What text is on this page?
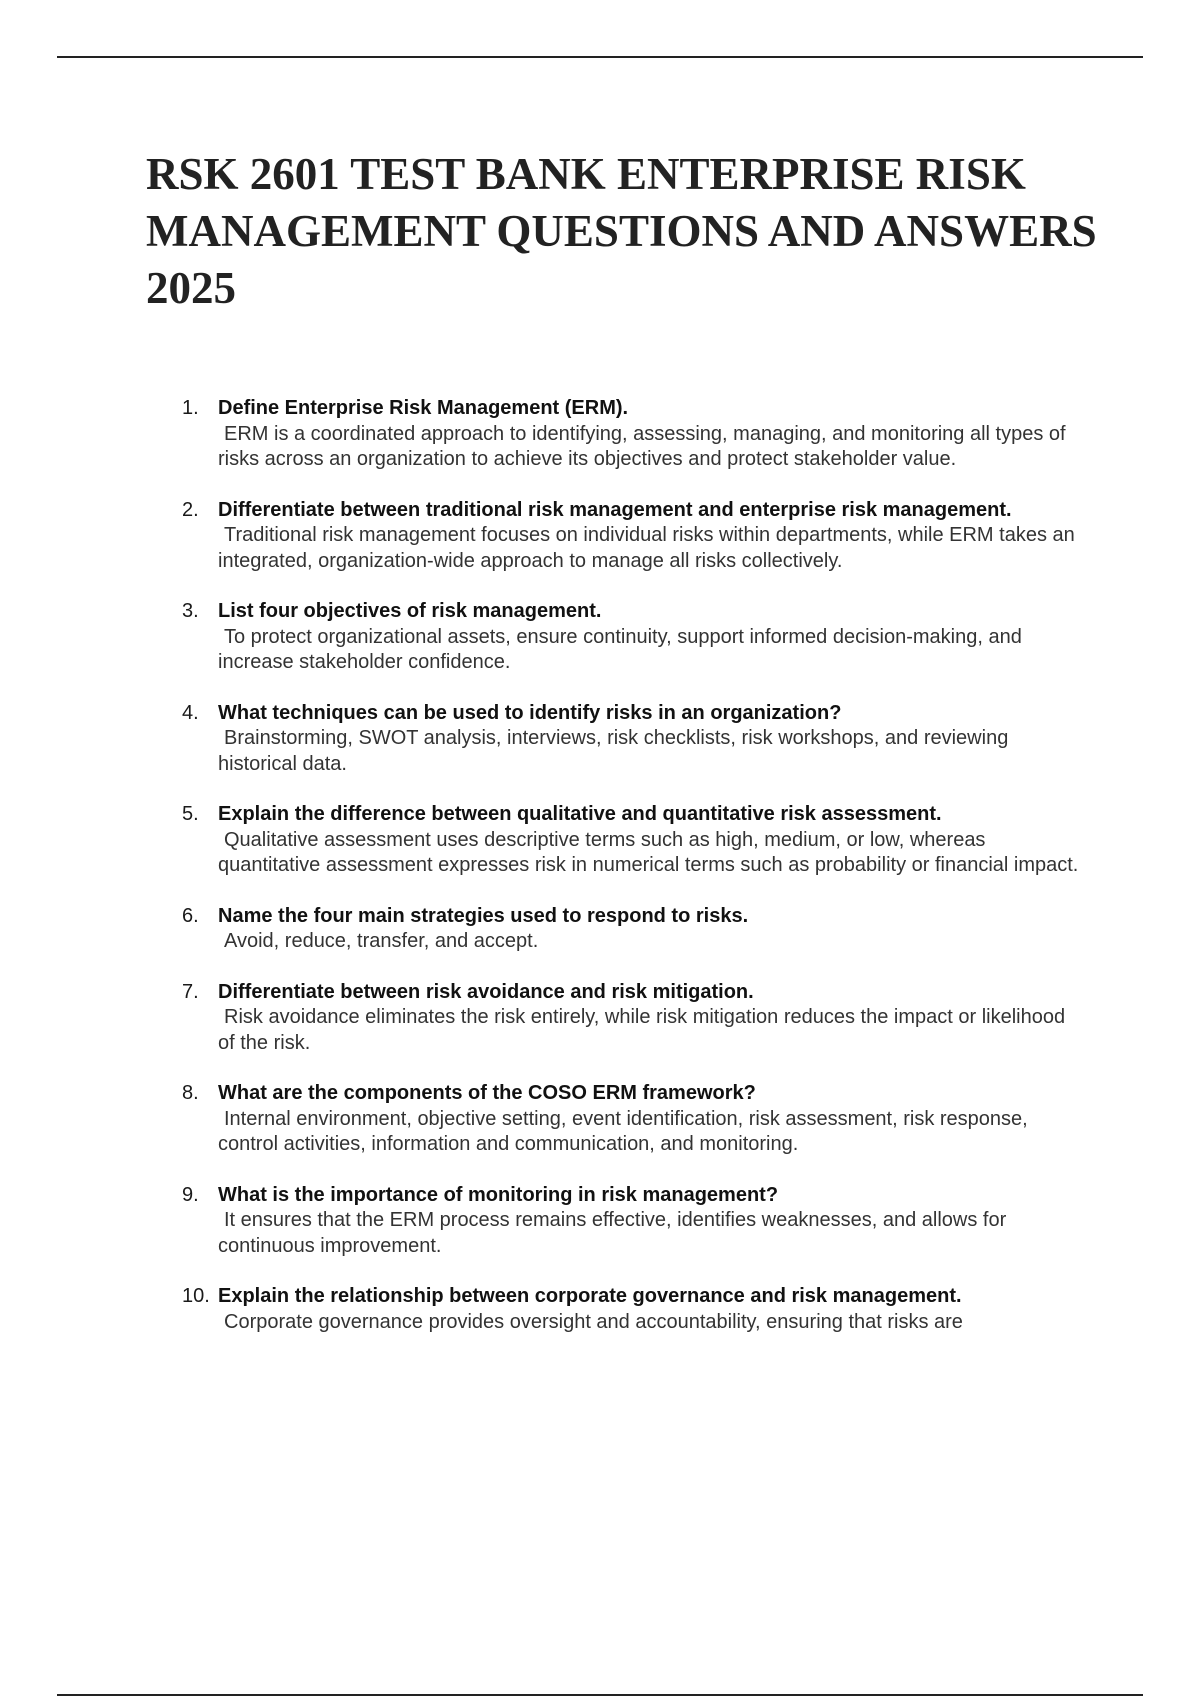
RSK 2601 TEST BANK ENTERPRISE RISK MANAGEMENT QUESTIONS AND ANSWERS 2025
1. Define Enterprise Risk Management (ERM).
ERM is a coordinated approach to identifying, assessing, managing, and monitoring all types of risks across an organization to achieve its objectives and protect stakeholder value.
2. Differentiate between traditional risk management and enterprise risk management.
Traditional risk management focuses on individual risks within departments, while ERM takes an integrated, organization-wide approach to manage all risks collectively.
3. List four objectives of risk management.
To protect organizational assets, ensure continuity, support informed decision-making, and increase stakeholder confidence.
4. What techniques can be used to identify risks in an organization?
Brainstorming, SWOT analysis, interviews, risk checklists, risk workshops, and reviewing historical data.
5. Explain the difference between qualitative and quantitative risk assessment.
Qualitative assessment uses descriptive terms such as high, medium, or low, whereas quantitative assessment expresses risk in numerical terms such as probability or financial impact.
6. Name the four main strategies used to respond to risks.
Avoid, reduce, transfer, and accept.
7. Differentiate between risk avoidance and risk mitigation.
Risk avoidance eliminates the risk entirely, while risk mitigation reduces the impact or likelihood of the risk.
8. What are the components of the COSO ERM framework?
Internal environment, objective setting, event identification, risk assessment, risk response, control activities, information and communication, and monitoring.
9. What is the importance of monitoring in risk management?
It ensures that the ERM process remains effective, identifies weaknesses, and allows for continuous improvement.
10. Explain the relationship between corporate governance and risk management.
Corporate governance provides oversight and accountability, ensuring that risks are
